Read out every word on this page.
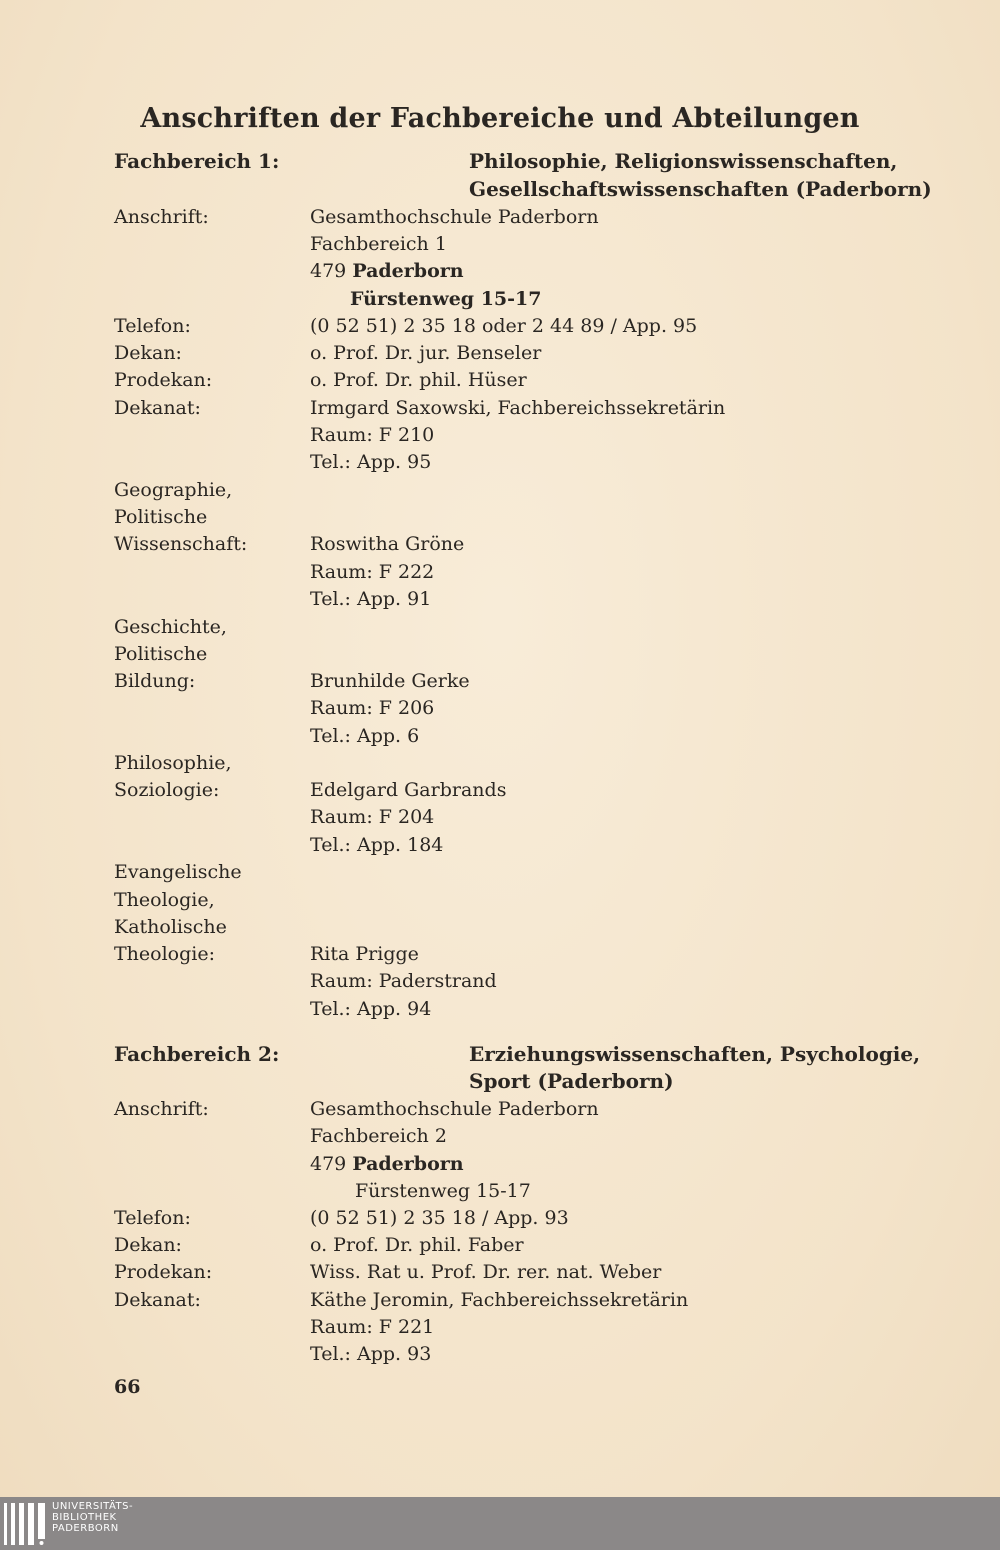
Anschriften der Fachbereiche und Abteilungen
Fachbereich 1:	Philosophie, Religionswissenschaften,
Gesellschaftswissenschaften (Paderborn)
Anschrift:	Gesamthochschule Paderborn
Fachbereich 1
479 Paderborn
Fürstenweg 15-17
Telefon:	(0 52 51) 2 35 18 oder 2 44 89 / App. 95
Dekan:	o. Prof. Dr. jur. Benseler
Prodekan:	o. Prof. Dr. phil. Hüser
Dekanat:	Irmgard Saxowski, Fachbereichssekretärin
Raum: F 210
Tel.: App. 95
Geographie,
Politische
Wissenschaft:	Roswitha Gröne
Raum: F 222
Tel.: App. 91
Geschichte,
Politische
Bildung:	Brunhilde Gerke
Raum: F 206
Tel.: App. 6
Philosophie,
Soziologie:	Edelgard Garbrands
Raum: F 204
Tel.: App. 184
Evangelische
Theologie,
Katholische
Theologie:	Rita Prigge
Raum: Paderstrand
Tel.: App. 94
Fachbereich 2:	Erziehungswissenschaften, Psychologie,
Sport (Paderborn)
Anschrift:	Gesamthochschule Paderborn
Fachbereich 2
479 Paderborn
Fürstenweg 15-17
Telefon:	(0 52 51) 2 35 18 / App. 93
Dekan:	o. Prof. Dr. phil. Faber
Prodekan:	Wiss. Rat u. Prof. Dr. rer. nat. Weber
Dekanat:	Käthe Jeromin, Fachbereichssekretärin
Raum: F 221
Tel.: App. 93
66
UNIVERSITÄTS-
BIBLIOTHEK
PADERBORN
